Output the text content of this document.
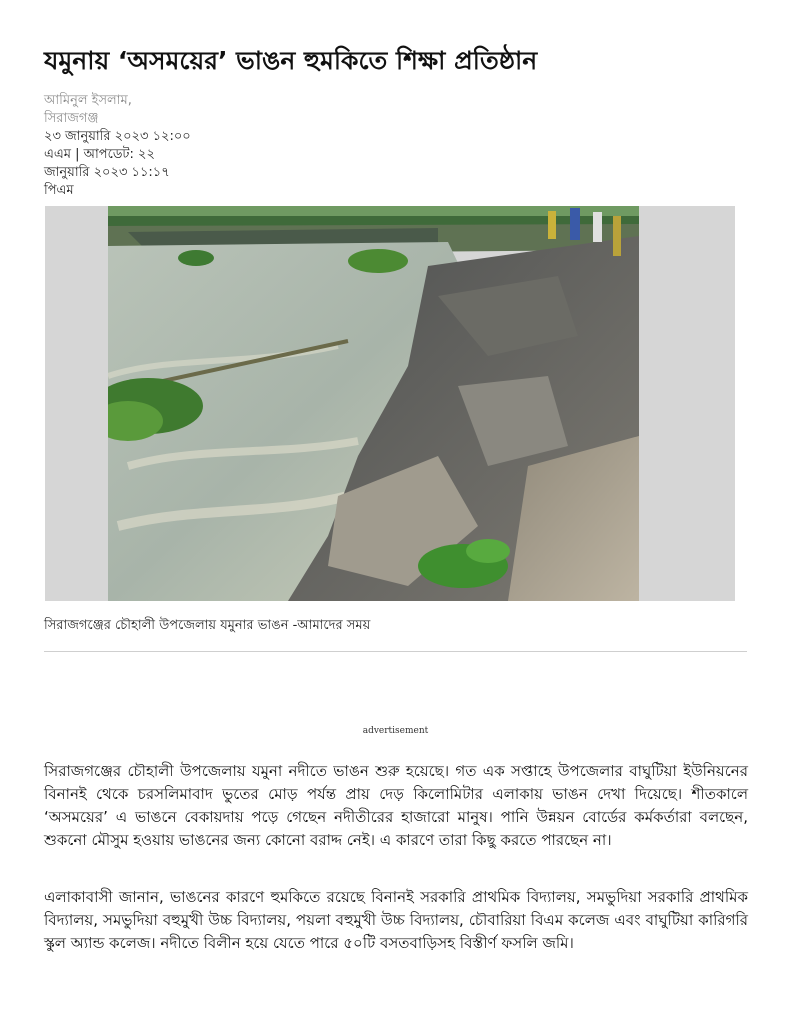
যমুনায় ‘অসময়ের’ ভাঙন হুমকিতে শিক্ষা প্রতিষ্ঠান

আমিনুল ইসলাম,

সিরাজগঞ্জ

২৩ জানুয়ারি ২০২৩ ১২:০০

এএম | আপডেট: ২২

জানুয়ারি ২০২৩ ১১:১৭

পিএম

সিরাজগঞ্জের চৌহালী উপজেলায় যমুনার ভাঙন -আমাদের সময়

advertisement

সিরাজগঞ্জের চৌহালী উপজেলায় যমুনা নদীতে ভাঙন শুরু হয়েছে। গত এক সপ্তাহে উপজেলার বাঘুটিয়া ইউনিয়নের বিনানই থেকে চরসলিমাবাদ ভুতের মোড় পর্যন্ত প্রায় দেড় কিলোমিটার এলাকায় ভাঙন দেখা দিয়েছে। শীতকালে ‘অসময়ের’ এ ভাঙনে বেকায়দায় পড়ে গেছেন নদীতীরের হাজারো মানুষ। পানি উন্নয়ন বোর্ডের কর্মকর্তারা বলছেন, শুকনো মৌসুম হওয়ায় ভাঙনের জন্য কোনো বরাদ্দ নেই। এ কারণে তারা কিছু করতে পারছেন না।

এলাকাবাসী জানান, ভাঙনের কারণে হুমকিতে রয়েছে বিনানই সরকারি প্রাথমিক বিদ্যালয়, সমভুদিয়া সরকারি প্রাথমিক বিদ্যালয়, সমভুদিয়া বহুমুখী উচ্চ বিদ্যালয়, পয়লা বহুমুখী উচ্চ বিদ্যালয়, চৌবারিয়া বিএম কলেজ এবং বাঘুটিয়া কারিগরি স্কুল অ্যান্ড কলেজ। নদীতে বিলীন হয়ে যেতে পারে ৫০টি বসতবাড়িসহ বিস্তীর্ণ ফসলি জমি।
